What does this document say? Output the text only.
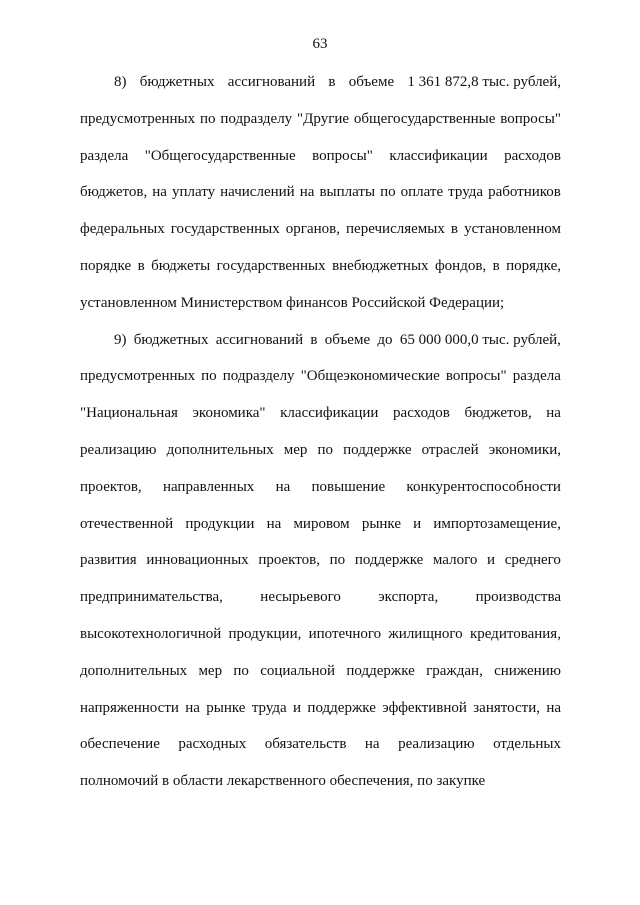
63
8) бюджетных ассигнований в объеме 1 361 872,8 тыс. рублей,
предусмотренных по подразделу "Другие общегосударственные вопросы"
раздела "Общегосударственные вопросы" классификации расходов
бюджетов, на уплату начислений на выплаты по оплате труда работников
федеральных государственных органов, перечисляемых в установленном
порядке в бюджеты государственных внебюджетных фондов, в порядке,
установленном Министерством финансов Российской Федерации;
9) бюджетных ассигнований в объеме до 65 000 000,0 тыс. рублей,
предусмотренных по подразделу "Общеэкономические вопросы" раздела
"Национальная экономика" классификации расходов бюджетов, на
реализацию дополнительных мер по поддержке отраслей экономики,
проектов, направленных на повышение конкурентоспособности
отечественной продукции на мировом рынке и импортозамещение,
развития инновационных проектов, по поддержке малого и среднего
предпринимательства, несырьевого экспорта, производства
высокотехнологичной продукции, ипотечного жилищного кредитования,
дополнительных мер по социальной поддержке граждан, снижению
напряженности на рынке труда и поддержке эффективной занятости, на
обеспечение расходных обязательств на реализацию отдельных
полномочий в области лекарственного обеспечения, по закупке
